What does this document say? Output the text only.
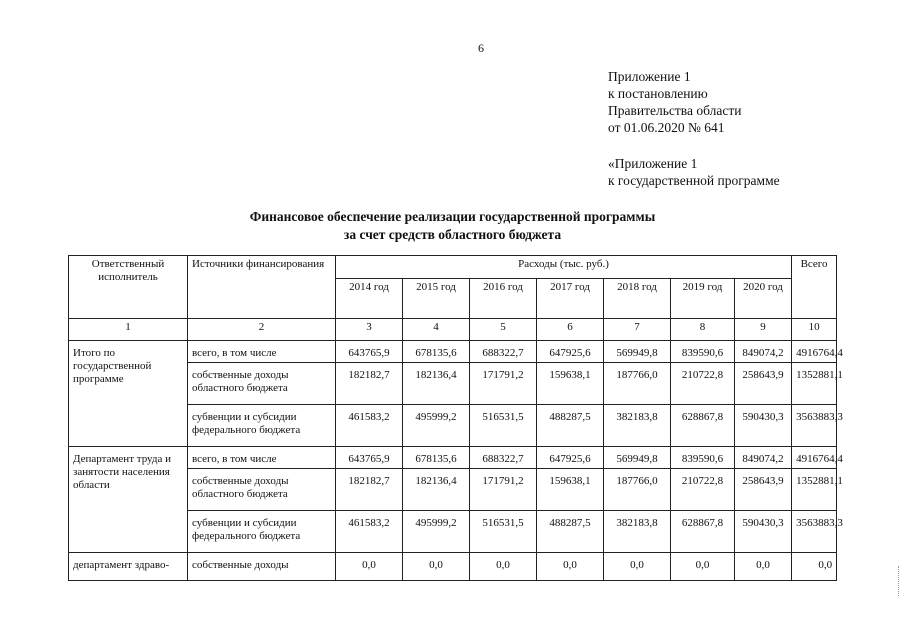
6
Приложение 1
к постановлению
Правительства области
от 01.06.2020 № 641
«Приложение 1
к государственной программе
Финансовое обеспечение реализации государственной программы
за счет средств областного бюджета
Ответственный исполнитель	Источники финансирования	Расходы (тыс. руб.)							Всего
		2014 год	2015 год	2016 год	2017 год	2018 год	2019 год	2020 год	
1	2	3	4	5	6	7	8	9	10
Итого по государственной программе	всего, в том числе	643765,9	678135,6	688322,7	647925,6	569949,8	839590,6	849074,2	4916764,4
	собственные доходы областного бюджета	182182,7	182136,4	171791,2	159638,1	187766,0	210722,8	258643,9	1352881,1
	субвенции и субсидии федерального бюджета	461583,2	495999,2	516531,5	488287,5	382183,8	628867,8	590430,3	3563883,3
Департамент труда и занятости населения области	всего, в том числе	643765,9	678135,6	688322,7	647925,6	569949,8	839590,6	849074,2	4916764,4
	собственные доходы областного бюджета	182182,7	182136,4	171791,2	159638,1	187766,0	210722,8	258643,9	1352881,1
	субвенции и субсидии федерального бюджета	461583,2	495999,2	516531,5	488287,5	382183,8	628867,8	590430,3	3563883,3
департамент здраво-	собственные доходы	0,0	0,0	0,0	0,0	0,0	0,0	0,0	0,0
